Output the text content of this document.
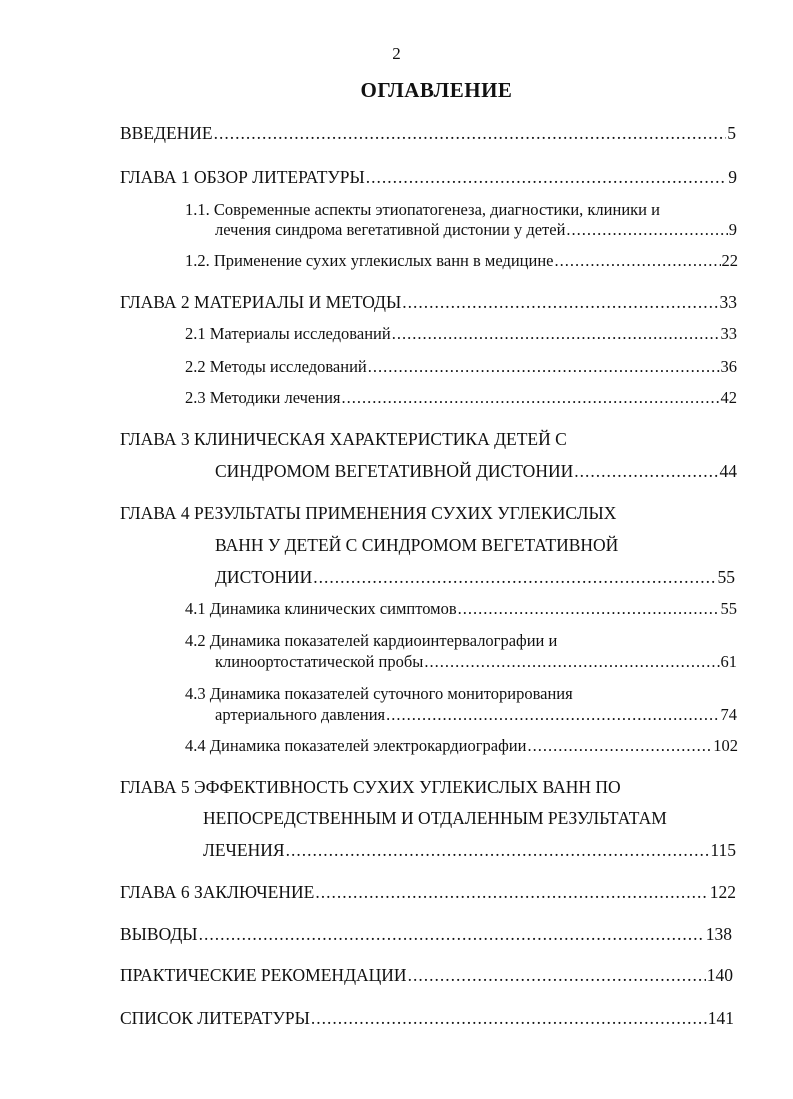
2
ОГЛАВЛЕНИЕ
ВВЕДЕНИЕ .....	5
ГЛАВА 1 ОБЗОР ЛИТЕРАТУРЫ .....	9
1.1. Современные аспекты этиопатогенеза, диагностики, клиники и
лечения синдрома вегетативной дистонии у детей .....	9
1.2. Применение сухих углекислых ванн в медицине .....	22
ГЛАВА 2 МАТЕРИАЛЫ И МЕТОДЫ .....	33
2.1 Материалы исследований .....	33
2.2 Методы исследований .....	36
2.3 Методики лечения .....	42
ГЛАВА 3 КЛИНИЧЕСКАЯ ХАРАКТЕРИСТИКА ДЕТЕЙ С
СИНДРОМОМ ВЕГЕТАТИВНОЙ ДИСТОНИИ .....	44
ГЛАВА 4 РЕЗУЛЬТАТЫ ПРИМЕНЕНИЯ СУХИХ УГЛЕКИСЛЫХ
ВАНН У ДЕТЕЙ С СИНДРОМОМ ВЕГЕТАТИВНОЙ
ДИСТОНИИ .....	55
4.1 Динамика клинических симптомов .....	55
4.2 Динамика показателей кардиоинтервалографии и
клиноортостатической пробы .....	61
4.3 Динамика показателей суточного мониторирования
артериального давления .....	74
4.4 Динамика показателей электрокардиографии .....	102
ГЛАВА 5 ЭФФЕКТИВНОСТЬ СУХИХ УГЛЕКИСЛЫХ ВАНН ПО
НЕПОСРЕДСТВЕННЫМ И ОТДАЛЕННЫМ РЕЗУЛЬТАТАМ
ЛЕЧЕНИЯ .....	115
ГЛАВА 6 ЗАКЛЮЧЕНИЕ .....	122
ВЫВОДЫ .....	138
ПРАКТИЧЕСКИЕ РЕКОМЕНДАЦИИ .....	140
СПИСОК ЛИТЕРАТУРЫ .....	141
